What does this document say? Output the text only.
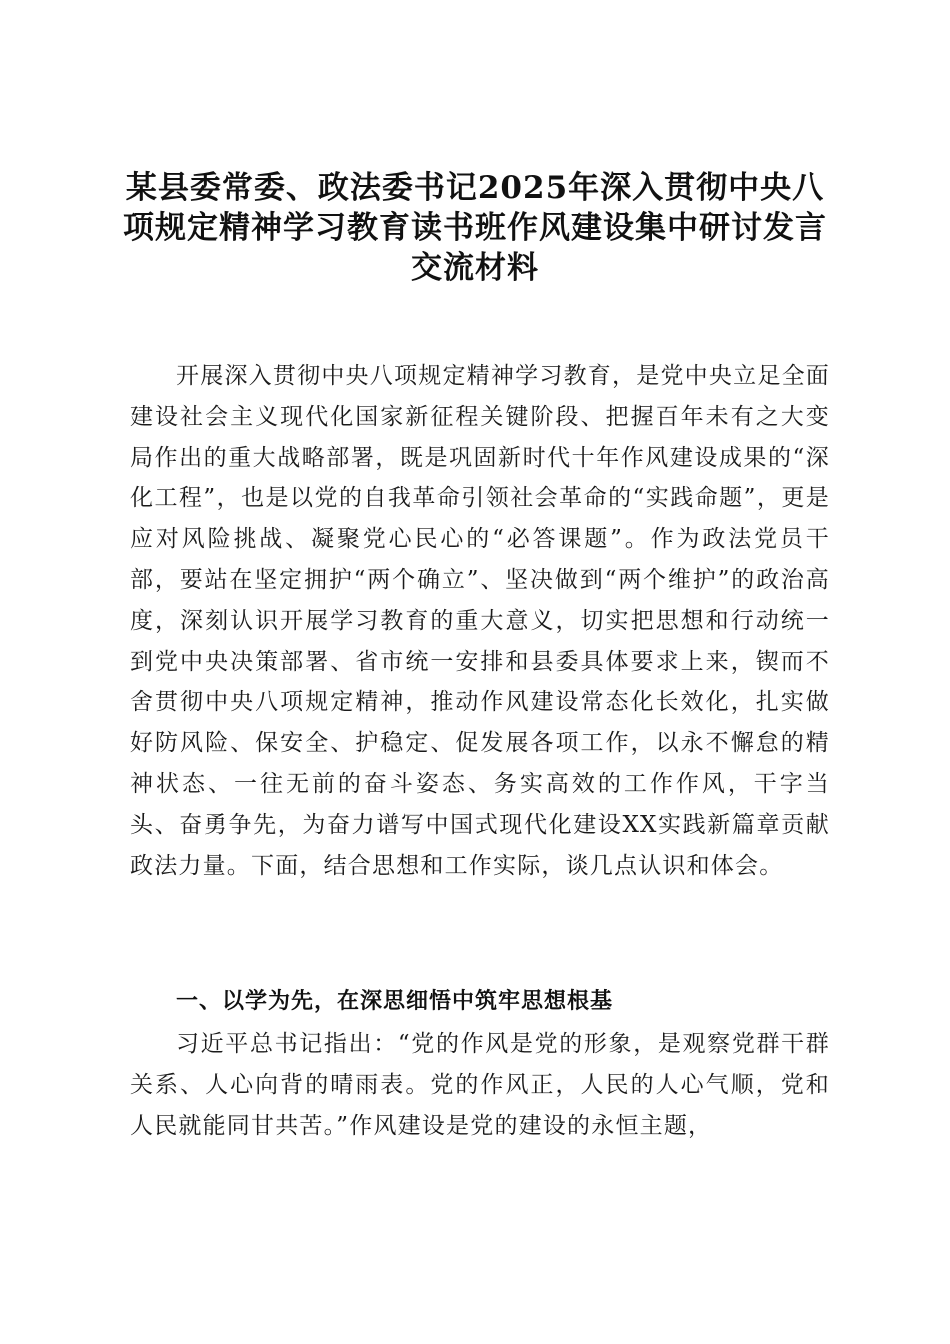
某县委常委、政法委书记2025年深入贯彻中央八项规定精神学习教育读书班作风建设集中研讨发言交流材料

开展深入贯彻中央八项规定精神学习教育，是党中央立足全面建设社会主义现代化国家新征程关键阶段、把握百年未有之大变局作出的重大战略部署，既是巩固新时代十年作风建设成果的“深化工程”，也是以党的自我革命引领社会革命的“实践命题”，更是应对风险挑战、凝聚党心民心的“必答课题”。作为政法党员干部，要站在坚定拥护“两个确立”、坚决做到“两个维护”的政治高度，深刻认识开展学习教育的重大意义，切实把思想和行动统一到党中央决策部署、省市统一安排和县委具体要求上来，锲而不舍贯彻中央八项规定精神，推动作风建设常态化长效化，扎实做好防风险、保安全、护稳定、促发展各项工作，以永不懈怠的精神状态、一往无前的奋斗姿态、务实高效的工作作风，干字当头、奋勇争先，为奋力谱写中国式现代化建设XX实践新篇章贡献政法力量。下面，结合思想和工作实际，谈几点认识和体会。

一、以学为先，在深思细悟中筑牢思想根基

习近平总书记指出：“党的作风是党的形象，是观察党群干群关系、人心向背的晴雨表。党的作风正，人民的人心气顺，党和人民就能同甘共苦。”作风建设是党的建设的永恒主题，
